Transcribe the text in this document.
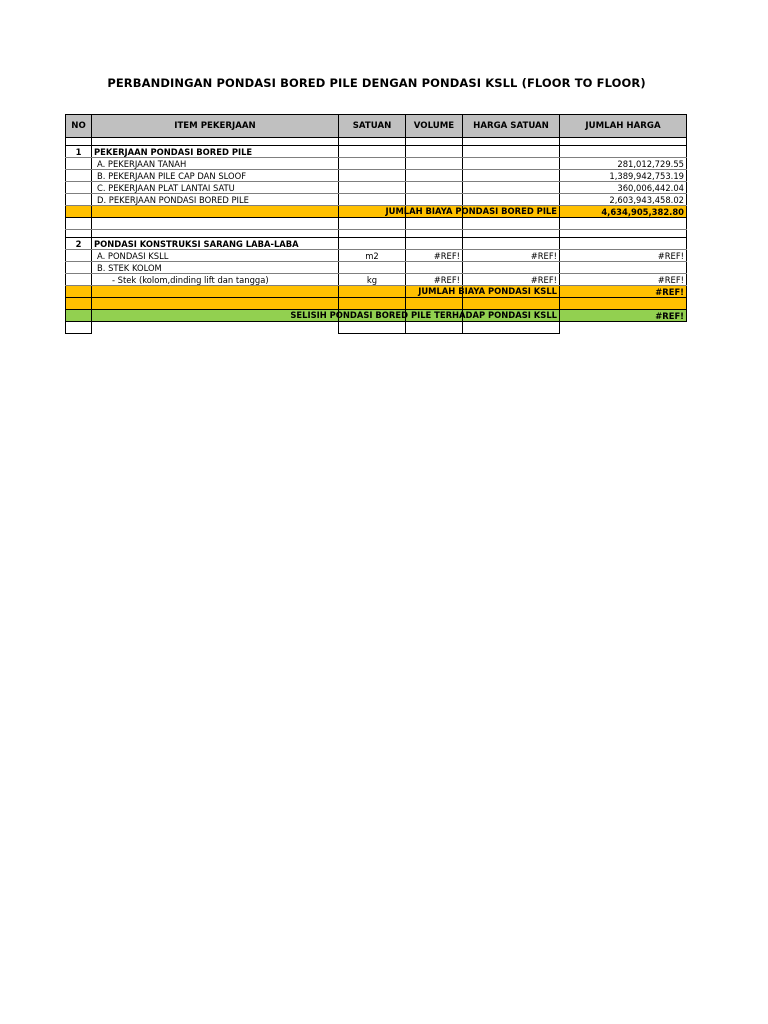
PERBANDINGAN PONDASI BORED PILE DENGAN PONDASI KSLL (FLOOR TO FLOOR)
NO	ITEM PEKERJAAN	SATUAN	VOLUME	HARGA SATUAN	JUMLAH HARGA

1	PEKERJAAN PONDASI BORED PILE				
	A. PEKERJAAN TANAH				281,012,729.55
	B. PEKERJAAN PILE CAP DAN SLOOF				1,389,942,753.19
	C. PEKERJAAN PLAT LANTAI SATU				360,006,442.04
	D. PEKERJAAN PONDASI BORED PILE				2,603,943,458.02

				JUMLAH BIAYA PONDASI BORED PILE	4,634,905,382.80

2	PONDASI KONSTRUKSI SARANG LABA-LABA				
	A. PONDASI KSLL	m2	#REF!	#REF!	#REF!
	B. STEK KOLOM				
	- Stek (kolom,dinding lift dan tangga)	kg	#REF!	#REF!	#REF!

				JUMLAH BIAYA PONDASI KSLL	#REF!

				SELISIH PONDASI BORED PILE TERHADAP PONDASI KSLL	#REF!
